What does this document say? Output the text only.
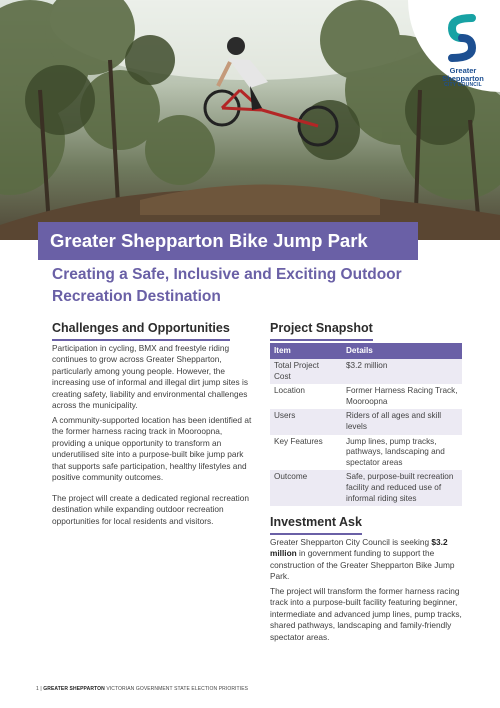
Greater
Shepparton
CITY COUNCIL
Greater Shepparton Bike Jump Park
Creating a Safe, Inclusive and Exciting Outdoor
Recreation Destination
Challenges and Opportunities

Participation in cycling, BMX and freestyle riding continues to grow across Greater Shepparton, particularly among young people. However, the increasing use of informal and illegal dirt jump sites is creating safety, liability and environmental challenges across the municipality.

A community-supported location has been identified at the former harness racing track in Mooroopna, providing a unique opportunity to transform an underutilised site into a purpose-built bike jump park that supports safe participation, healthy lifestyles and positive community outcomes.

The project will create a dedicated regional recreation destination while expanding outdoor recreation opportunities for local residents and visitors.

Project Snapshot
Item	Details
Total Project Cost	$3.2 million
Location	Former Harness Racing Track, Mooroopna
Users	Riders of all ages and skill levels
Key Features	Jump lines, pump tracks, pathways, landscaping and spectator areas
Outcome	Safe, purpose-built recreation facility and reduced use of informal riding sites
Investment Ask

Greater Shepparton City Council is seeking $3.2 million in government funding to support the construction of the Greater Shepparton Bike Jump Park.

The project will transform the former harness racing track into a purpose-built facility featuring beginner, intermediate and advanced jump lines, pump tracks, shared pathways, landscaping and family-friendly spectator areas.

1 | GREATER SHEPPARTON VICTORIAN GOVERNMENT STATE ELECTION PRIORITIES
